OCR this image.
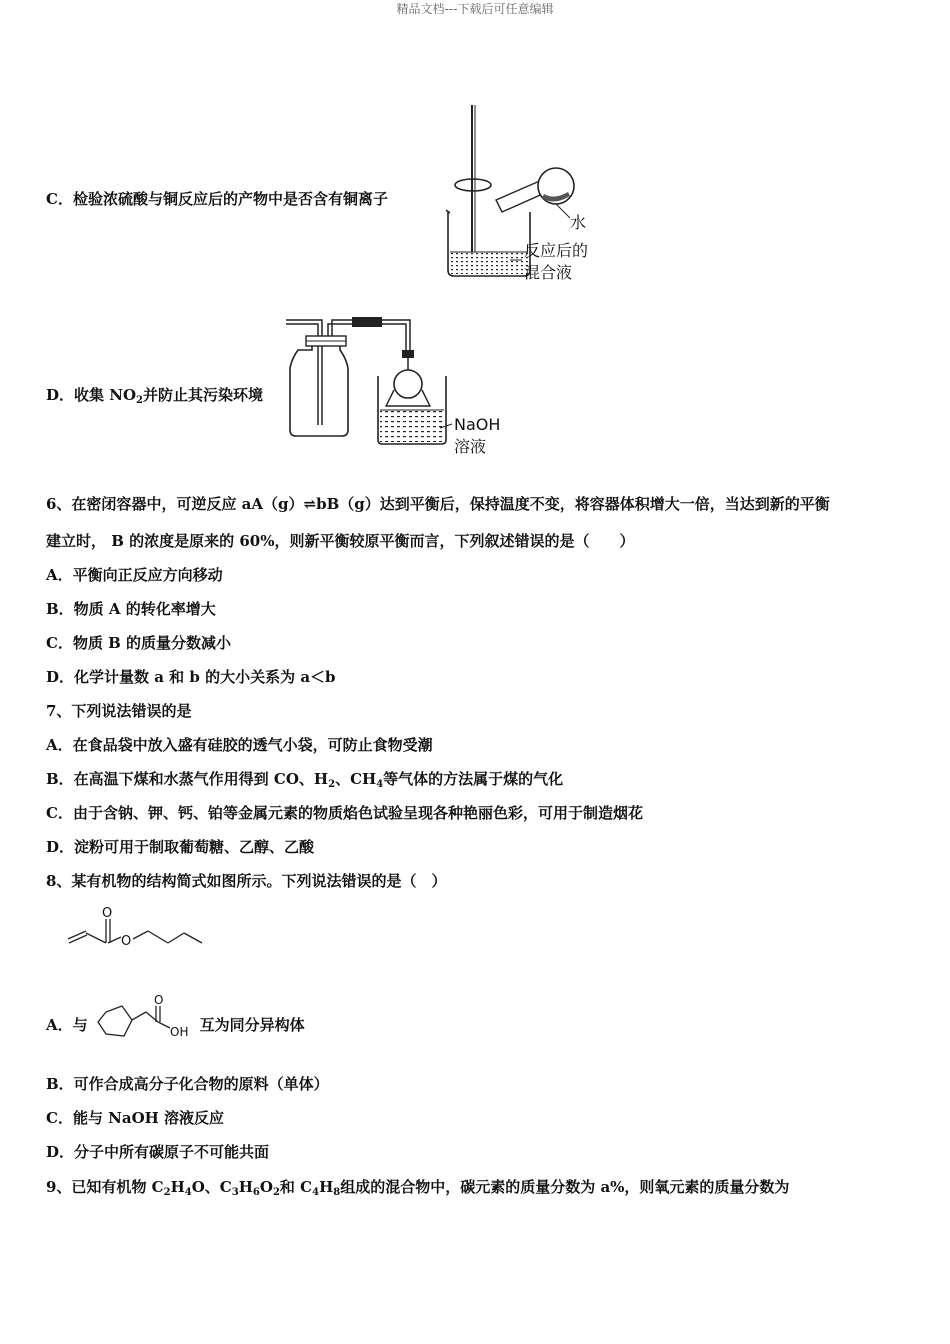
精品文档---下载后可任意编辑
C．检验浓硫酸与铜反应后的产物中是否含有铜离子
水
反应后的
混合液
D．收集 $NO_2$并防止其污染环境
NaOH
溶液
6、在密闭容器中，可逆反应 aA（g）⇌bB（g）达到平衡后，保持温度不变，将容器体积增大一倍，当达到新的平衡
建立时， B 的浓度是原来的 60%，则新平衡较原平衡而言，下列叙述错误的是（　　）
A．平衡向正反应方向移动
B．物质 A 的转化率增大
C．物质 B 的质量分数减小
D．化学计量数 a 和 b 的大小关系为 a＜b
7、下列说法错误的是
A．在食品袋中放入盛有硅胶的透气小袋，可防止食物受潮
B．在高温下煤和水蒸气作用得到 CO、$H_2$、$CH_4$等气体的方法属于煤的气化
C．由于含钠、钾、钙、铂等金属元素的物质焰色试验呈现各种艳丽色彩，可用于制造烟花
D．淀粉可用于制取葡萄糖、乙醇、乙酸
8、某有机物的结构简式如图所示。下列说法错误的是（　）
O
O
A．与	互为同分异构体
O
OH
B．可作合成高分子化合物的原料（单体）
C．能与 NaOH 溶液反应
D．分子中所有碳原子不可能共面
9、已知有机物 $C_2H_4O$、$C_3H_6O_2$和 $C_4H_8$组成的混合物中，碳元素的质量分数为 a%，则氧元素的质量分数为
